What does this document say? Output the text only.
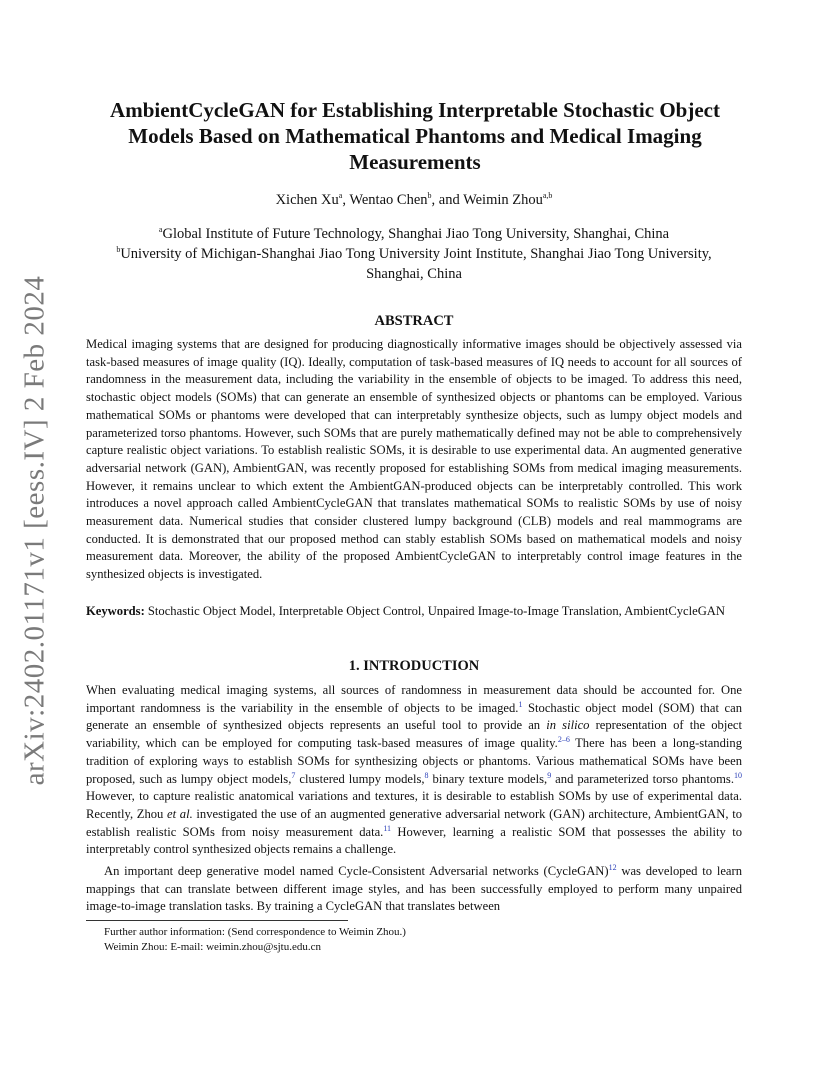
arXiv:2402.01171v1 [eess.IV] 2 Feb 2024
AmbientCycleGAN for Establishing Interpretable Stochastic Object Models Based on Mathematical Phantoms and Medical Imaging Measurements

Xichen Xu$^a$, Wentao Chen$^b$, and Weimin Zhou$^{a,b}$

$^a$Global Institute of Future Technology, Shanghai Jiao Tong University, Shanghai, China
$^b$University of Michigan-Shanghai Jiao Tong University Joint Institute, Shanghai Jiao Tong University, Shanghai, China
ABSTRACT

Medical imaging systems that are designed for producing diagnostically informative images should be objectively assessed via task-based measures of image quality (IQ). Ideally, computation of task-based measures of IQ needs to account for all sources of randomness in the measurement data, including the variability in the ensemble of objects to be imaged. To address this need, stochastic object models (SOMs) that can generate an ensemble of synthesized objects or phantoms can be employed. Various mathematical SOMs or phantoms were developed that can interpretably synthesize objects, such as lumpy object models and parameterized torso phantoms. However, such SOMs that are purely mathematically defined may not be able to comprehensively capture realistic object variations. To establish realistic SOMs, it is desirable to use experimental data. An augmented generative adversarial network (GAN), AmbientGAN, was recently proposed for establishing SOMs from medical imaging measurements. However, it remains unclear to which extent the AmbientGAN-produced objects can be interpretably controlled. This work introduces a novel approach called AmbientCycleGAN that translates mathematical SOMs to realistic SOMs by use of noisy measurement data. Numerical studies that consider clustered lumpy background (CLB) models and real mammograms are conducted. It is demonstrated that our proposed method can stably establish SOMs based on mathematical models and noisy measurement data. Moreover, the ability of the proposed AmbientCycleGAN to interpretably control image features in the synthesized objects is investigated.

Keywords: Stochastic Object Model, Interpretable Object Control, Unpaired Image-to-Image Translation, AmbientCycleGAN

1. INTRODUCTION

When evaluating medical imaging systems, all sources of randomness in measurement data should be accounted for. One important randomness is the variability in the ensemble of objects to be imaged.$^1$ Stochastic object model (SOM) that can generate an ensemble of synthesized objects represents an useful tool to provide an in silico representation of the object variability, which can be employed for computing task-based measures of image quality.$^{2-6}$ There has been a long-standing tradition of exploring ways to establish SOMs for synthesizing objects or phantoms. Various mathematical SOMs have been proposed, such as lumpy object models,$^7$ clustered lumpy models,$^8$ binary texture models,$^9$ and parameterized torso phantoms.$^{10}$ However, to capture realistic anatomical variations and textures, it is desirable to establish SOMs by use of experimental data. Recently, Zhou et al. investigated the use of an augmented generative adversarial network (GAN) architecture, AmbientGAN, to establish realistic SOMs from noisy measurement data.$^{11}$ However, learning a realistic SOM that possesses the ability to interpretably control synthesized objects remains a challenge.

An important deep generative model named Cycle-Consistent Adversarial networks (CycleGAN)$^{12}$ was developed to learn mappings that can translate between different image styles, and has been successfully employed to perform many unpaired image-to-image translation tasks. By training a CycleGAN that translates between

Further author information: (Send correspondence to Weimin Zhou.)

Weimin Zhou: E-mail: weimin.zhou@sjtu.edu.cn
